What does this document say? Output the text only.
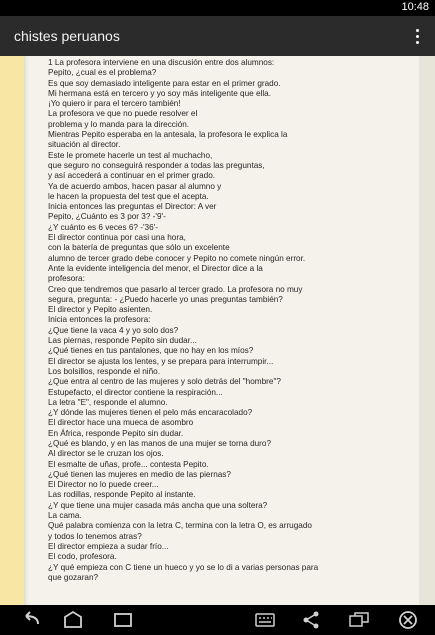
10:48
chistes peruanos
1 La profesora interviene en una discusión entre dos alumnos:
Pepito, ¿cual es el problema?
Es que soy demasiado inteligente para estar en el primer grado.
Mi hermana está en tercero y yo soy más inteligente que ella.
¡Yo quiero ir para el tercero también!
La profesora ve que no puede resolver el
problema y lo manda para la dirección.
Mientras Pepito esperaba en la antesala, la profesora le explica la
situación al director.
Este le promete hacerle un test al muchacho,
que seguro no conseguirá responder a todas las preguntas,
y así accederá a continuar en el primer grado.
Ya de acuerdo ambos, hacen pasar al alumno y
le hacen la propuesta del test que el acepta.
Inicia entonces las preguntas el Director: A ver
Pepito, ¿Cuánto es 3 por 3? -'9'-
¿Y cuánto es 6 veces 6? -'36'-
El director continua por casi una hora,
con la batería de preguntas que sólo un excelente
alumno de tercer grado debe conocer y Pepito no comete ningún error.
Ante la evidente inteligencia del menor, el Director dice a la
profesora:
Creo que tendremos que pasarlo al tercer grado. La profesora no muy
segura, pregunta: - ¿Puedo hacerle yo unas preguntas también?
El director y Pepito asienten.
Inicia entonces la profesora:
¿Que tiene la vaca 4 y yo solo dos?
Las piernas, responde Pepito sin dudar...
¿Qué tienes en tus pantalones, que no hay en los míos?
El director se ajusta los lentes, y se prepara para interrumpir...
Los bolsillos, responde el niño.
¿Que entra al centro de las mujeres y solo detrás del "hombre"?
Estupefacto, el director contiene la respiración...
La letra "E", responde el alumno.
¿Y dónde las mujeres tienen el pelo más encaracolado?
El director hace una mueca de asombro
En África, responde Pepito sin dudar.
¿Qué es blando, y en las manos de una mujer se torna duro?
Al director se le cruzan los ojos.
El esmalte de uñas, profe... contesta Pepito.
¿Qué tienen las mujeres en medio de las piernas?
El Director no lo puede creer...
Las rodillas, responde Pepito al instante.
¿Y que tiene una mujer casada más ancha que una soltera?
La cama.
Qué palabra comienza con la letra C, termina con la letra O, es arrugado
y todos lo tenemos atras?
El director empieza a sudar frío...
El codo, profesora.
¿Y qué empieza con C tiene un hueco y yo se lo di a varias personas para
que gozaran?
